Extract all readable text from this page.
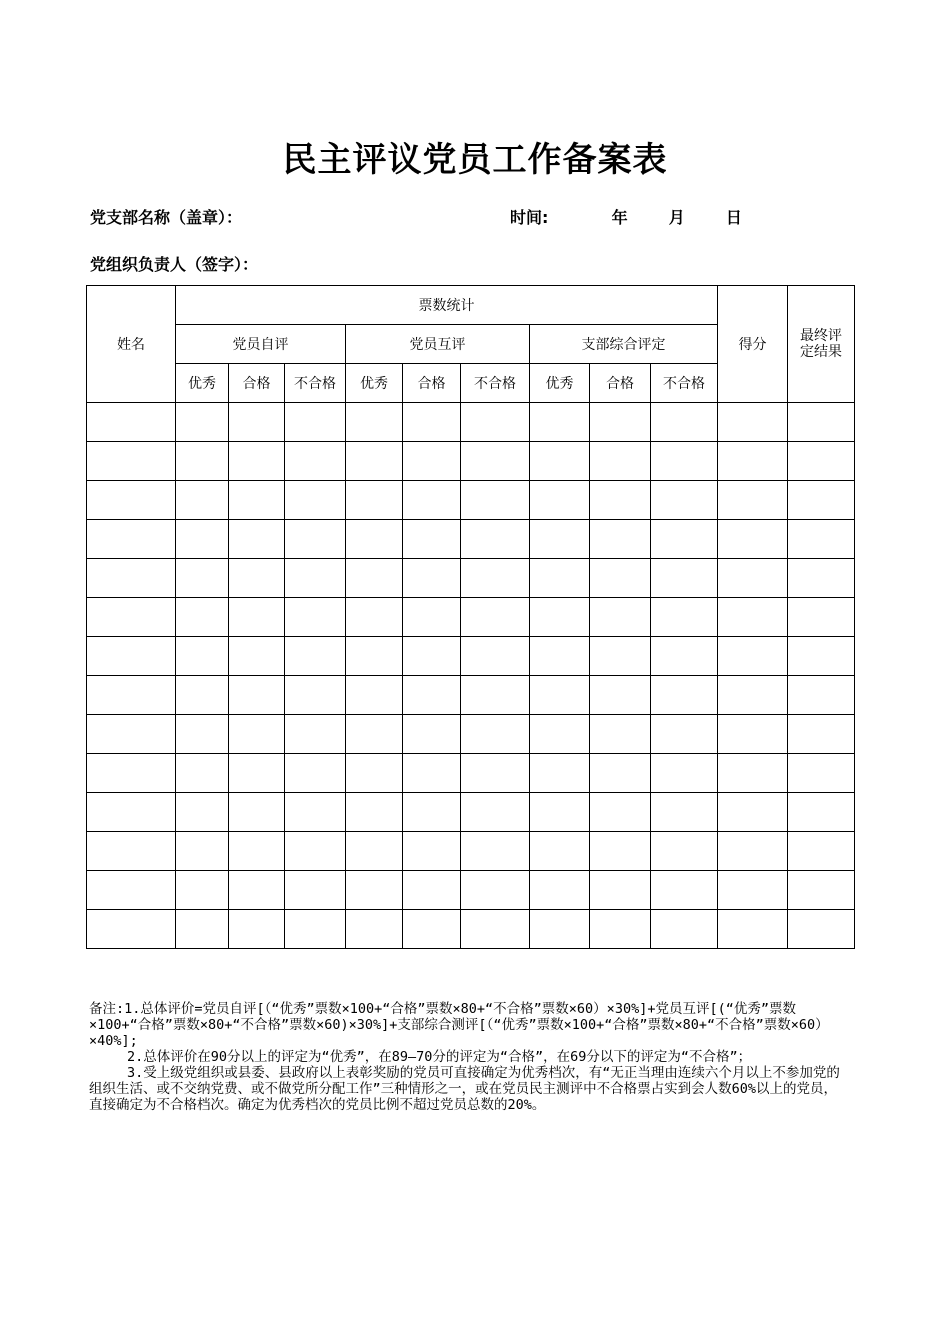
民主评议党员工作备案表
党支部名称（盖章）：	时间:	年	月	日
党组织负责人（签字）：
姓名	票数统计									得分	最终评
定结果
	党员自评			党员互评			支部综合评定				
	优秀	合格	不合格	优秀	合格	不合格	优秀	合格	不合格		

备注:1.总体评价=党员自评[（“优秀”票数×100+“合格”票数×80+“不合格”票数×60）×30%]+党员互评[(“优秀”票数×100+“合格”票数×80+“不合格”票数×60)×30%]+支部综合测评[（“优秀”票数×100+“合格”票数×80+“不合格”票数×60）×40%];

2.总体评价在90分以上的评定为“优秀”，在89—70分的评定为“合格”，在69分以下的评定为“不合格”；

3.受上级党组织或县委、县政府以上表彰奖励的党员可直接确定为优秀档次，有“无正当理由连续六个月以上不参加党的组织生活、或不交纳党费、或不做党所分配工作”三种情形之一，或在党员民主测评中不合格票占实到会人数60%以上的党员，直接确定为不合格档次。确定为优秀档次的党员比例不超过党员总数的20%。
